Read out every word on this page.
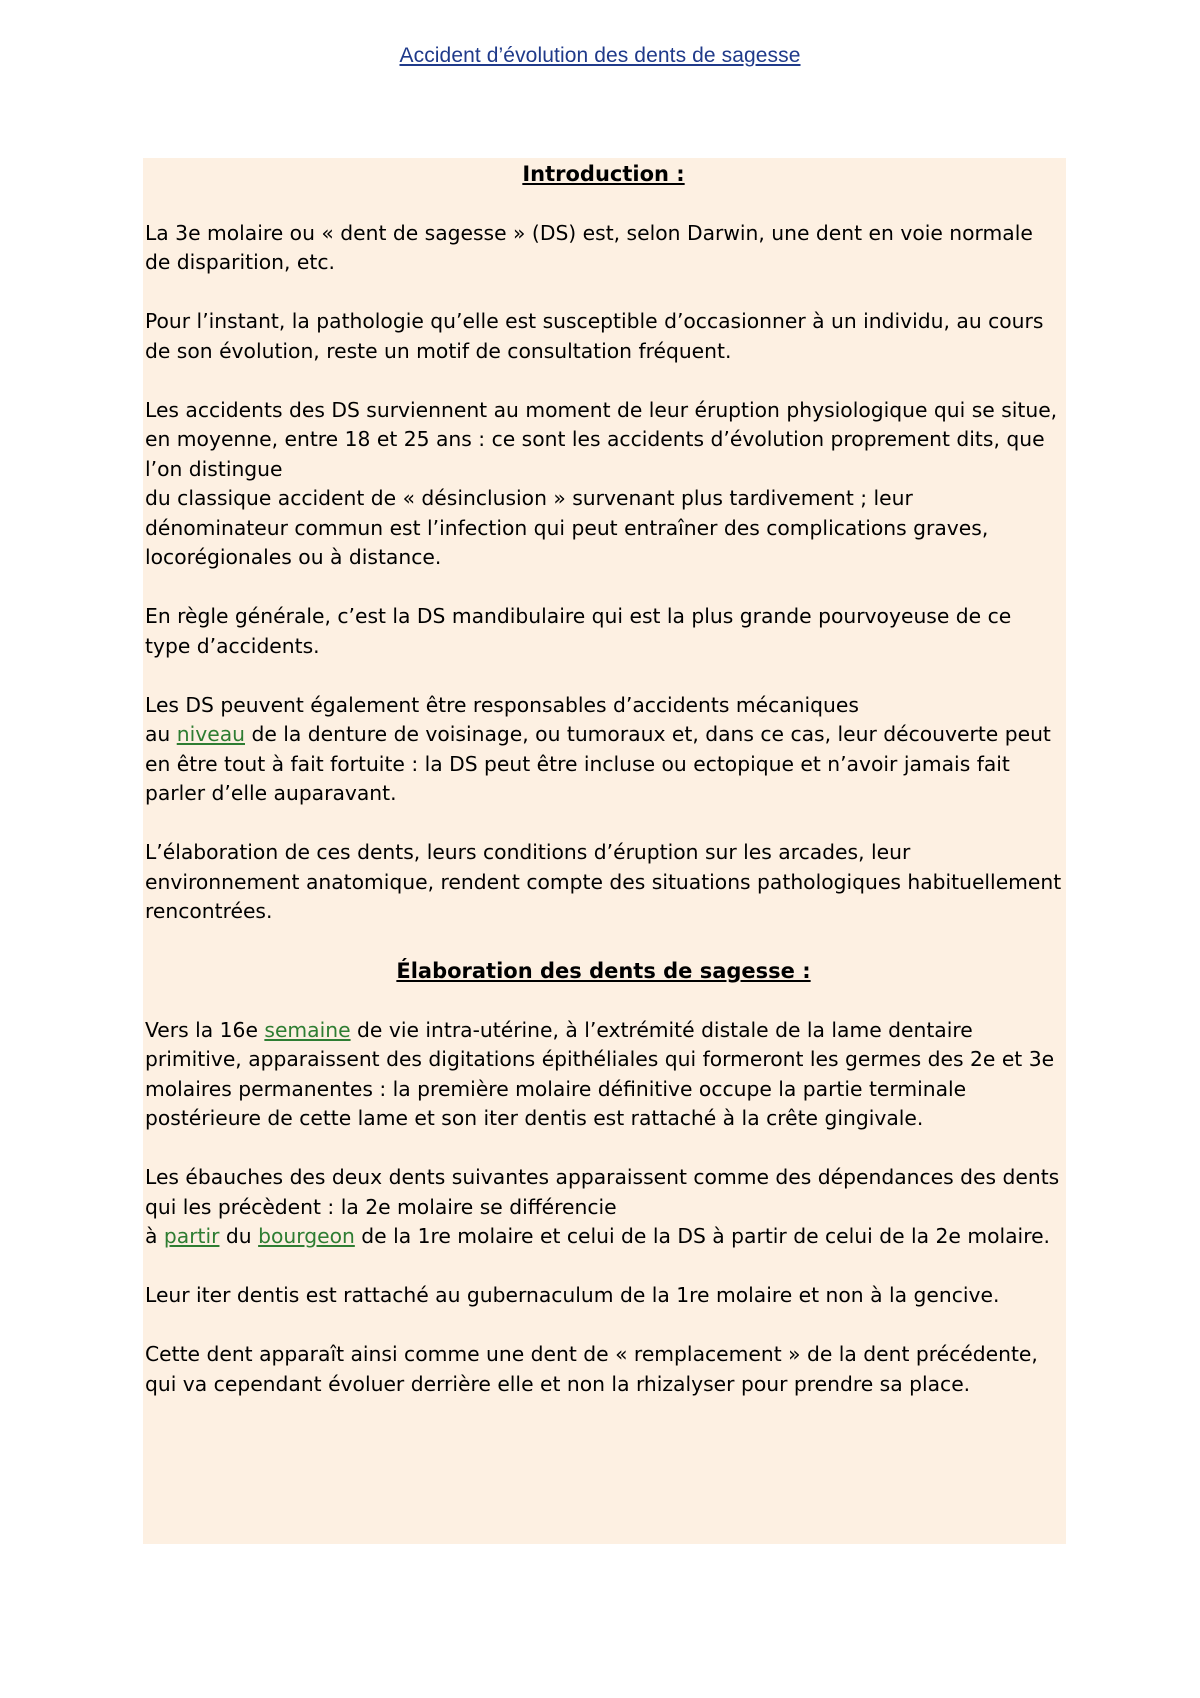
Accident d’évolution des dents de sagesse

Introduction :

La 3e molaire ou « dent de sagesse » (DS) est, selon Darwin, une dent en voie normale de disparition, etc.

Pour l’instant, la pathologie qu’elle est susceptible d’occasionner à un individu, au cours de son évolution, reste un motif de consultation fréquent.

Les accidents des DS surviennent au moment de leur éruption physiologique qui se situe, en moyenne, entre 18 et 25 ans : ce sont les accidents d’évolution proprement dits, que l’on distingue
du classique accident de « désinclusion » survenant plus tardivement ; leur dénominateur commun est l’infection qui peut entraîner des complications graves, locorégionales ou à distance.

En règle générale, c’est la DS mandibulaire qui est la plus grande pourvoyeuse de ce type d’accidents.

Les DS peuvent également être responsables d’accidents mécaniques
au niveau de la denture de voisinage, ou tumoraux et, dans ce cas, leur découverte peut en être tout à fait fortuite : la DS peut être incluse ou ectopique et n’avoir jamais fait parler d’elle auparavant.

L’élaboration de ces dents, leurs conditions d’éruption sur les arcades, leur environnement anatomique, rendent compte des situations pathologiques habituellement rencontrées.

Élaboration des dents de sagesse :

Vers la 16e semaine de vie intra-utérine, à l’extrémité distale de la lame dentaire primitive, apparaissent des digitations épithéliales qui formeront les germes des 2e et 3e molaires permanentes : la première molaire définitive occupe la partie terminale postérieure de cette lame et son iter dentis est rattaché à la crête gingivale.

Les ébauches des deux dents suivantes apparaissent comme des dépendances des dents qui les précèdent : la 2e molaire se différencie
à partir du bourgeon de la 1re molaire et celui de la DS à partir de celui de la 2e molaire.

Leur iter dentis est rattaché au gubernaculum de la 1re molaire et non à la gencive.

Cette dent apparaît ainsi comme une dent de « remplacement » de la dent précédente, qui va cependant évoluer derrière elle et non la rhizalyser pour prendre sa place.
